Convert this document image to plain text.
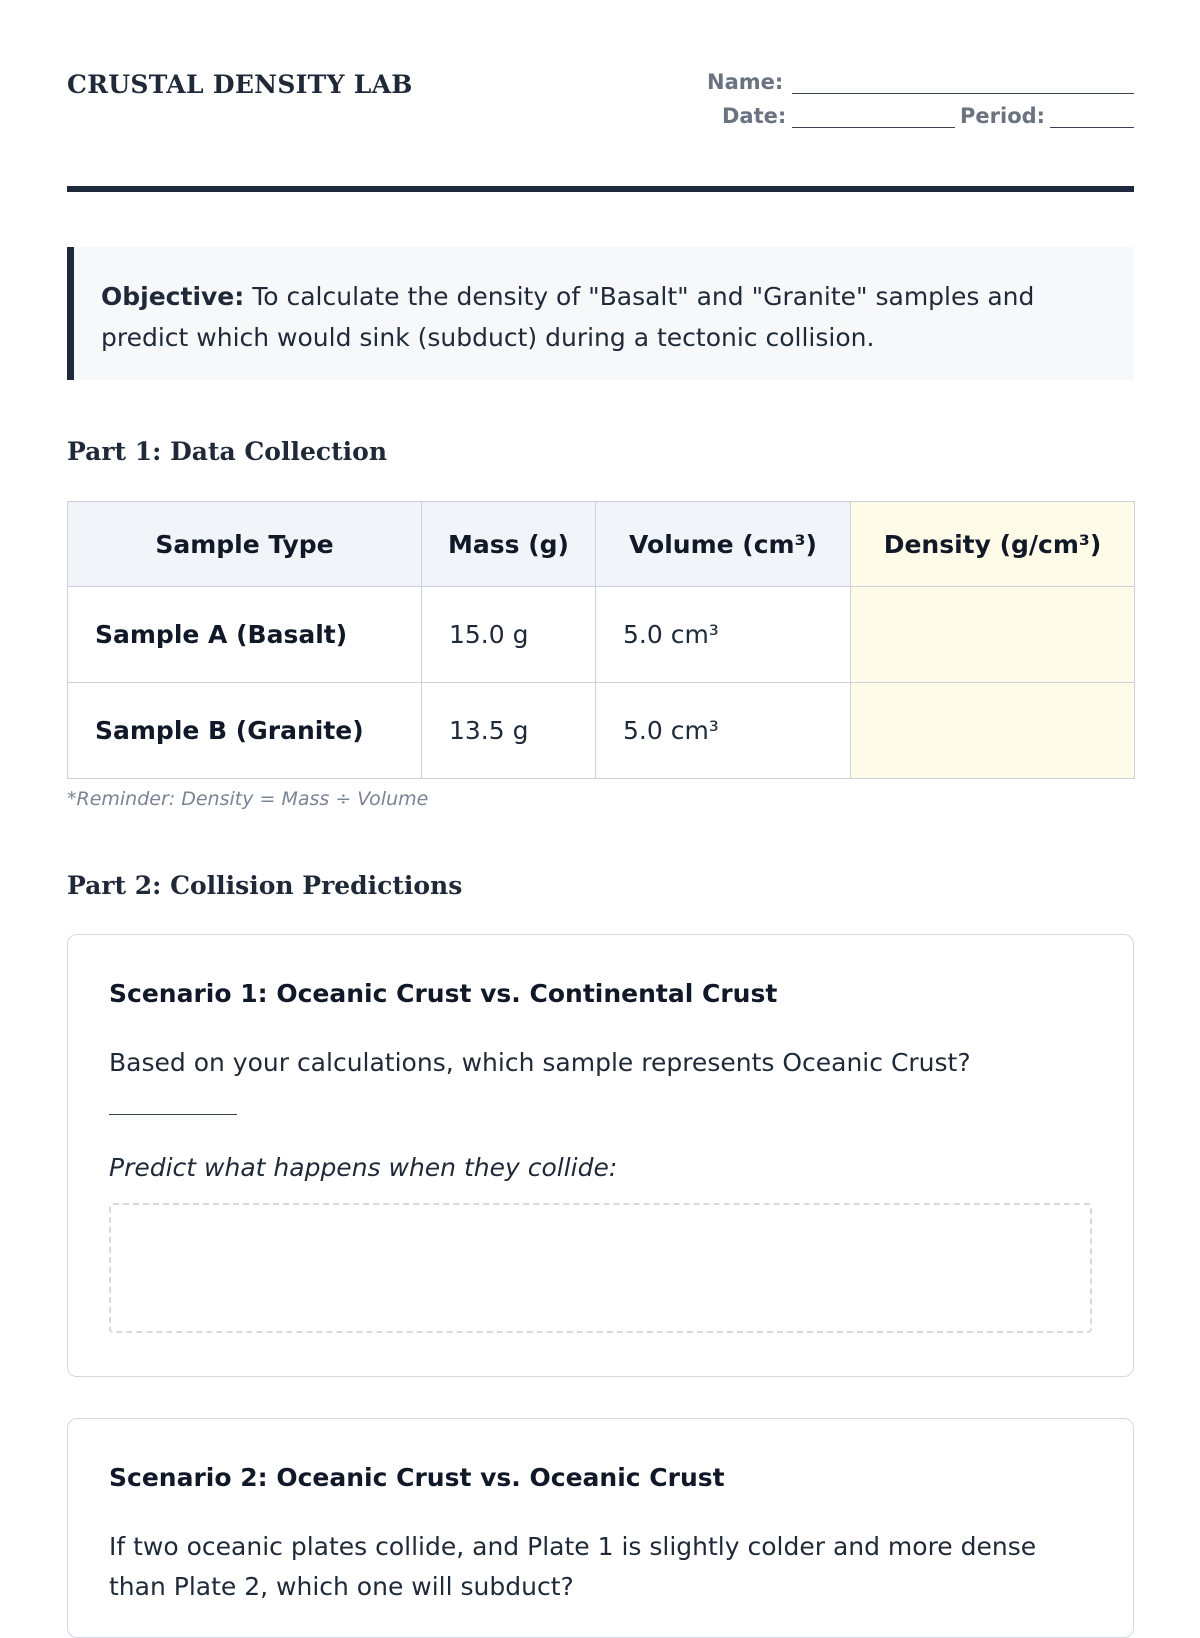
CRUSTAL DENSITY LAB	Name:
Date:	Period:
Objective: To calculate the density of "Basalt" and "Granite" samples and predict which would sink (subduct) during a tectonic collision.
Part 1: Data Collection
Sample Type	Mass (g)	Volume (cm³)	Density (g/cm³)
Sample A (Basalt)	15.0 g	5.0 cm³	
Sample B (Granite)	13.5 g	5.0 cm³	
*Reminder: Density = Mass ÷ Volume
Part 2: Collision Predictions
Scenario 1: Oceanic Crust vs. Continental Crust

Based on your calculations, which sample represents Oceanic Crust?

Predict what happens when they collide:

Scenario 2: Oceanic Crust vs. Oceanic Crust

If two oceanic plates collide, and Plate 1 is slightly colder and more dense than Plate 2, which one will subduct?
